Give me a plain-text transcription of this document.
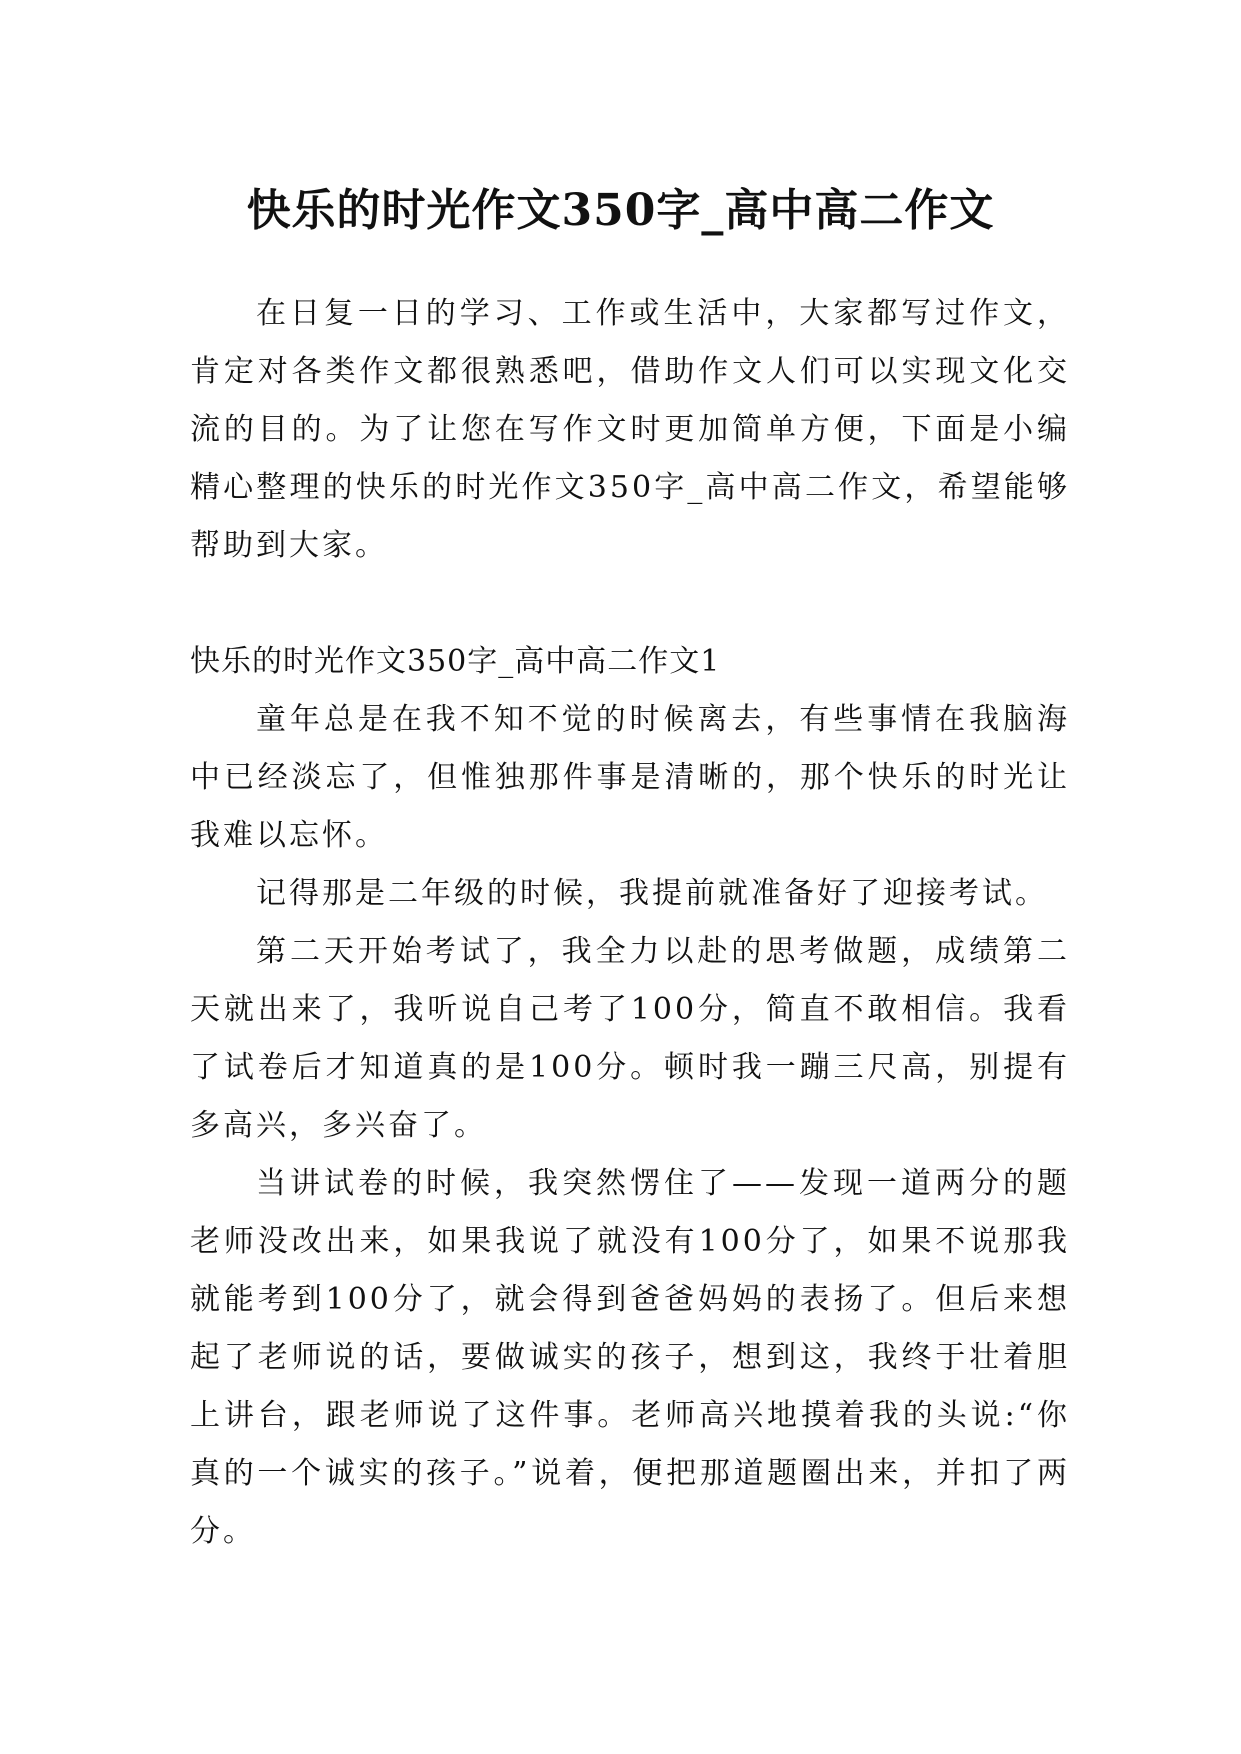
快乐的时光作文350字_高中高二作文

在日复一日的学习、工作或生活中，大家都写过作文，肯定对各类作文都很熟悉吧，借助作文人们可以实现文化交流的目的。为了让您在写作文时更加简单方便，下面是小编精心整理的快乐的时光作文350字_高中高二作文，希望能够帮助到大家。

快乐的时光作文350字_高中高二作文1

童年总是在我不知不觉的时候离去，有些事情在我脑海中已经淡忘了，但惟独那件事是清晰的，那个快乐的时光让我难以忘怀。

记得那是二年级的时候，我提前就准备好了迎接考试。

第二天开始考试了，我全力以赴的思考做题，成绩第二天就出来了，我听说自己考了100分，简直不敢相信。我看了试卷后才知道真的是100分。顿时我一蹦三尺高，别提有多高兴，多兴奋了。

当讲试卷的时候，我突然愣住了——发现一道两分的题老师没改出来，如果我说了就没有100分了，如果不说那我就能考到100分了，就会得到爸爸妈妈的表扬了。但后来想起了老师说的话，要做诚实的孩子，想到这，我终于壮着胆上讲台，跟老师说了这件事。老师高兴地摸着我的头说:“你真的一个诚实的孩子。”说着，便把那道题圈出来，并扣了两分。
